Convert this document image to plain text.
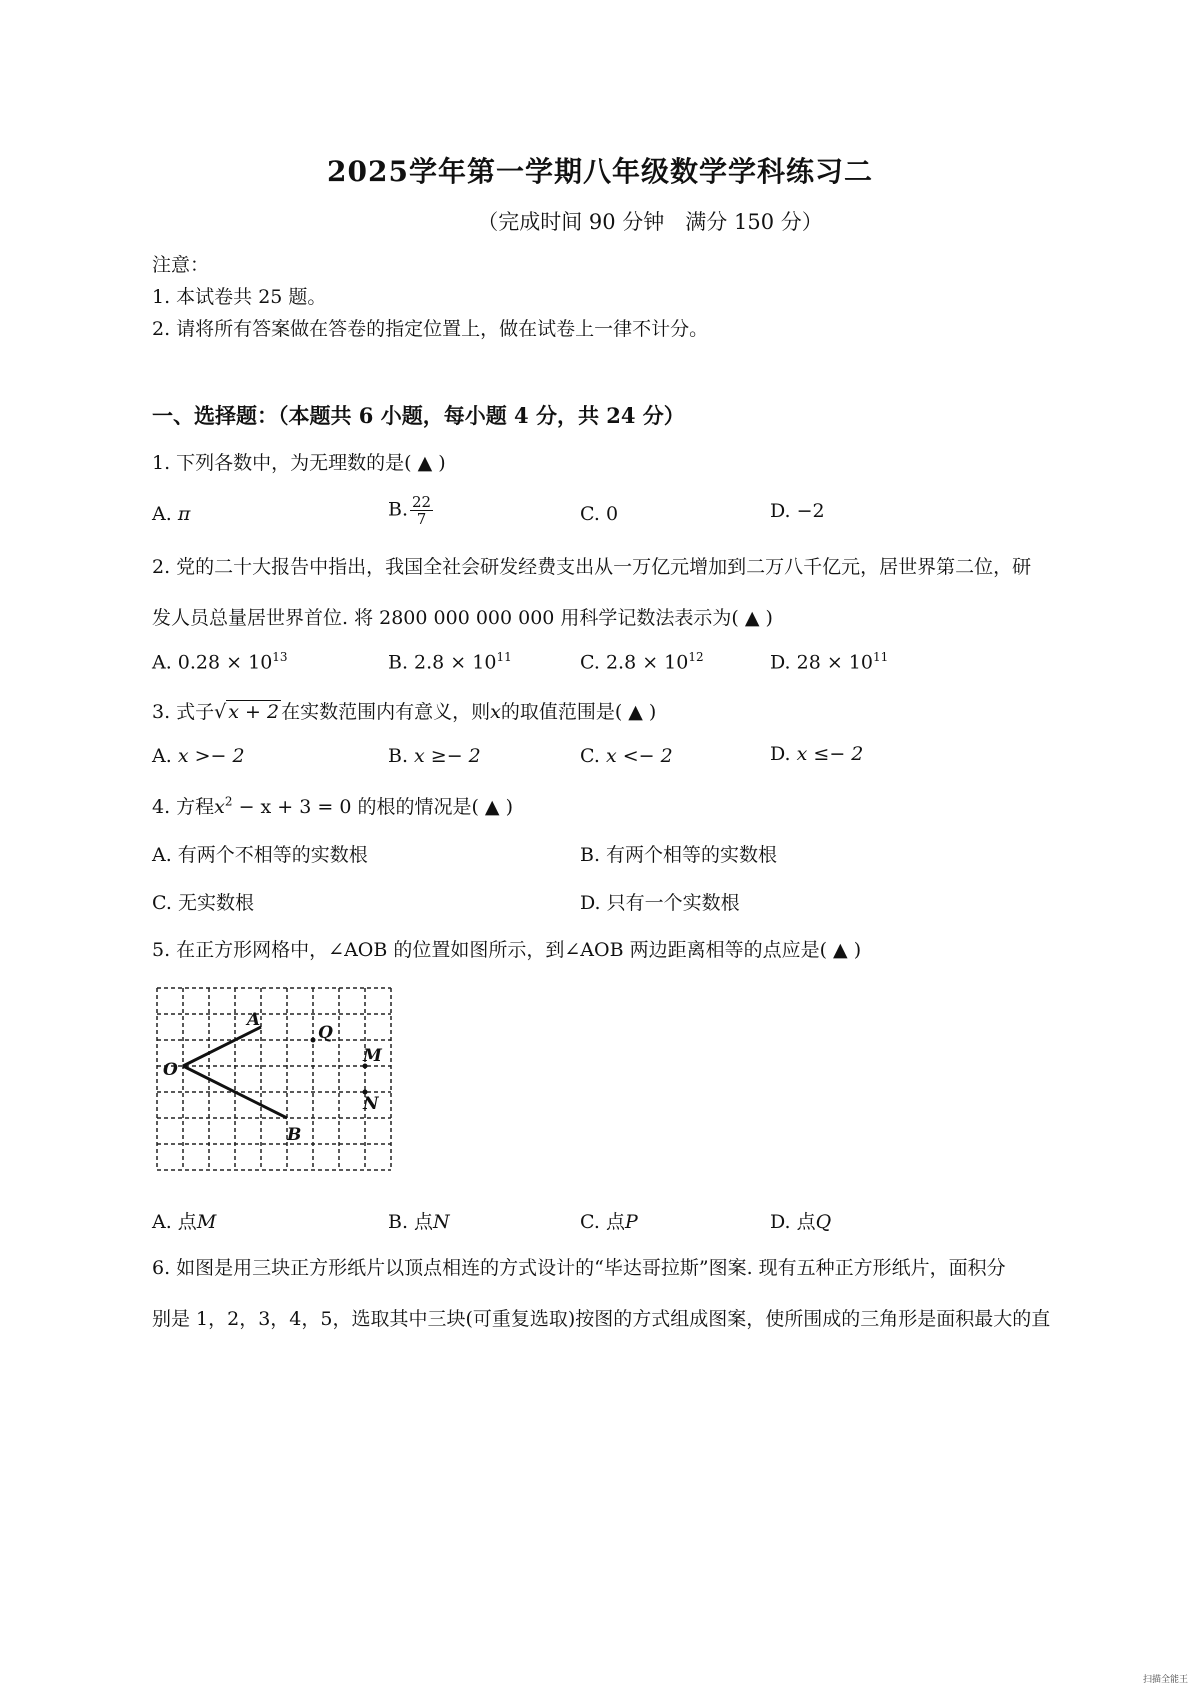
2025学年第一学期八年级数学学科练习二
（完成时间 90 分钟　满分 150 分）
注意：
1. 本试卷共 25 题。
2. 请将所有答案做在答卷的指定位置上，做在试卷上一律不计分。
一、选择题：（本题共 6 小题，每小题 4 分，共 24 分）
1. 下列各数中，为无理数的是( ▲ )
A. π	B. $\frac{22}{7}$	C. 0	D. −2
2. 党的二十大报告中指出，我国全社会研发经费支出从一万亿元增加到二万八千亿元，居世界第二位，研
发人员总量居世界首位. 将 2800 000 000 000 用科学记数法表示为( ▲ )
A. $0.28 \times 10^{13}$	B. $2.8 \times 10^{11}$	C. $2.8 \times 10^{12}$	D. $28 \times 10^{11}$
3. 式子√ x + 2 在实数范围内有意义，则x的取值范围是( ▲ )
A. x >− 2	B. x ≥− 2	C. x <− 2	D. x ≤− 2
4. 方程$x^2 - x + 3 = 0$ 的根的情况是( ▲ )
A. 有两个不相等的实数根	B. 有两个相等的实数根
C. 无实数根	D. 只有一个实数根
5. 在正方形网格中，∠AOB 的位置如图所示，到∠AOB 两边距离相等的点应是( ▲ )
A
O
B
Q
M
N
A. 点M	B. 点N	C. 点P	D. 点Q
6. 如图是用三块正方形纸片以顶点相连的方式设计的“毕达哥拉斯”图案. 现有五种正方形纸片，面积分
别是 1，2，3，4，5，选取其中三块(可重复选取)按图的方式组成图案，使所围成的三角形是面积最大的直
扫描全能王
